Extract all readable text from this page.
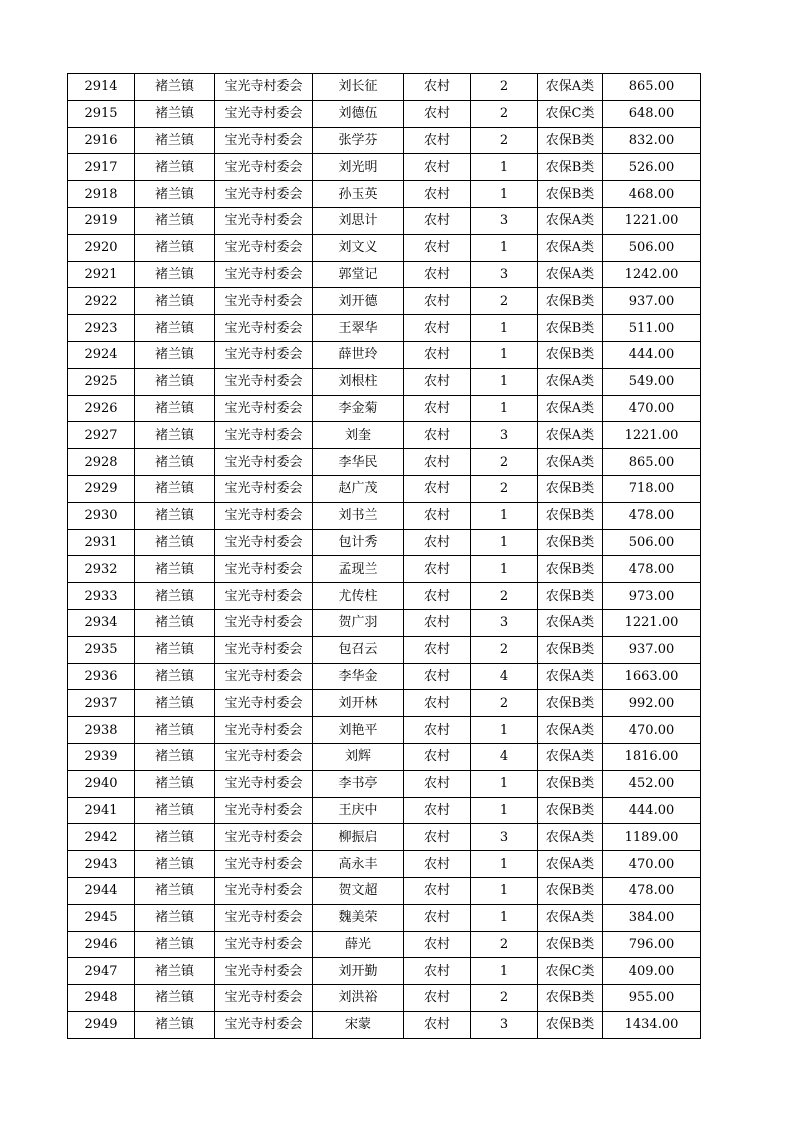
2914	褚兰镇	宝光寺村委会	刘长征	农村	2	农保A类	865.00
2915	褚兰镇	宝光寺村委会	刘德伍	农村	2	农保C类	648.00
2916	褚兰镇	宝光寺村委会	张学芬	农村	2	农保B类	832.00
2917	褚兰镇	宝光寺村委会	刘光明	农村	1	农保B类	526.00
2918	褚兰镇	宝光寺村委会	孙玉英	农村	1	农保B类	468.00
2919	褚兰镇	宝光寺村委会	刘思计	农村	3	农保A类	1221.00
2920	褚兰镇	宝光寺村委会	刘文义	农村	1	农保A类	506.00
2921	褚兰镇	宝光寺村委会	郭堂记	农村	3	农保A类	1242.00
2922	褚兰镇	宝光寺村委会	刘开德	农村	2	农保B类	937.00
2923	褚兰镇	宝光寺村委会	王翠华	农村	1	农保B类	511.00
2924	褚兰镇	宝光寺村委会	薛世玲	农村	1	农保B类	444.00
2925	褚兰镇	宝光寺村委会	刘根柱	农村	1	农保A类	549.00
2926	褚兰镇	宝光寺村委会	李金菊	农村	1	农保A类	470.00
2927	褚兰镇	宝光寺村委会	刘奎	农村	3	农保A类	1221.00
2928	褚兰镇	宝光寺村委会	李华民	农村	2	农保A类	865.00
2929	褚兰镇	宝光寺村委会	赵广茂	农村	2	农保B类	718.00
2930	褚兰镇	宝光寺村委会	刘书兰	农村	1	农保B类	478.00
2931	褚兰镇	宝光寺村委会	包计秀	农村	1	农保B类	506.00
2932	褚兰镇	宝光寺村委会	孟现兰	农村	1	农保B类	478.00
2933	褚兰镇	宝光寺村委会	尤传柱	农村	2	农保B类	973.00
2934	褚兰镇	宝光寺村委会	贺广羽	农村	3	农保A类	1221.00
2935	褚兰镇	宝光寺村委会	包召云	农村	2	农保B类	937.00
2936	褚兰镇	宝光寺村委会	李华金	农村	4	农保A类	1663.00
2937	褚兰镇	宝光寺村委会	刘开林	农村	2	农保B类	992.00
2938	褚兰镇	宝光寺村委会	刘艳平	农村	1	农保A类	470.00
2939	褚兰镇	宝光寺村委会	刘辉	农村	4	农保A类	1816.00
2940	褚兰镇	宝光寺村委会	李书亭	农村	1	农保B类	452.00
2941	褚兰镇	宝光寺村委会	王庆中	农村	1	农保B类	444.00
2942	褚兰镇	宝光寺村委会	柳振启	农村	3	农保A类	1189.00
2943	褚兰镇	宝光寺村委会	高永丰	农村	1	农保A类	470.00
2944	褚兰镇	宝光寺村委会	贺文超	农村	1	农保B类	478.00
2945	褚兰镇	宝光寺村委会	魏美荣	农村	1	农保A类	384.00
2946	褚兰镇	宝光寺村委会	薛光	农村	2	农保B类	796.00
2947	褚兰镇	宝光寺村委会	刘开勤	农村	1	农保C类	409.00
2948	褚兰镇	宝光寺村委会	刘洪裕	农村	2	农保B类	955.00
2949	褚兰镇	宝光寺村委会	宋蒙	农村	3	农保B类	1434.00
